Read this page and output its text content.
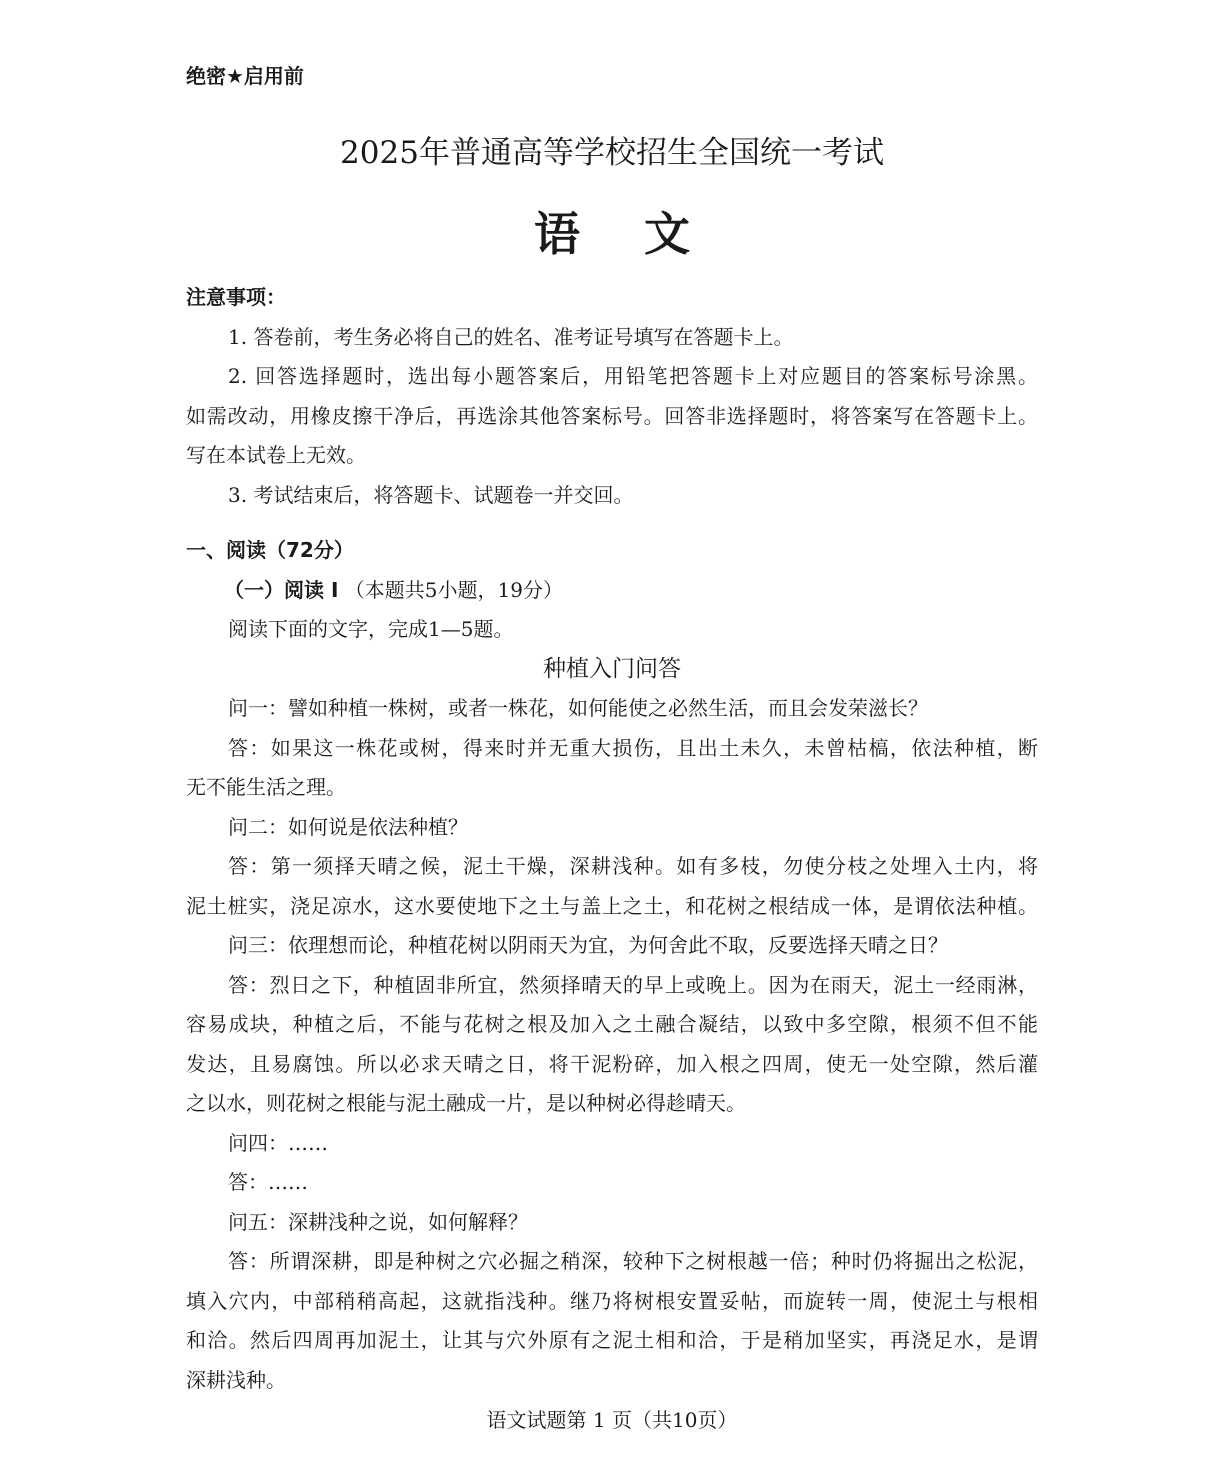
绝密★启用前
2025年普通高等学校招生全国统一考试
语文
注意事项：
1. 答卷前，考生务必将自己的姓名、准考证号填写在答题卡上。
2. 回答选择题时，选出每小题答案后，用铅笔把答题卡上对应题目的答案标号涂黑。
如需改动，用橡皮擦干净后，再选涂其他答案标号。回答非选择题时，将答案写在答题卡上。
写在本试卷上无效。
3. 考试结束后，将答题卡、试题卷一并交回。
一、阅读（72分）
（一）阅读 I （本题共5小题，19分）
阅读下面的文字，完成1—5题。
种植入门问答
问一：譬如种植一株树，或者一株花，如何能使之必然生活，而且会发荣滋长？
答：如果这一株花或树，得来时并无重大损伤，且出土未久，未曾枯槁，依法种植，断
无不能生活之理。
问二：如何说是依法种植？
答：第一须择天晴之候，泥土干燥，深耕浅种。如有多枝，勿使分枝之处埋入土内，将
泥土桩实，浇足凉水，这水要使地下之土与盖上之土，和花树之根结成一体，是谓依法种植。
问三：依理想而论，种植花树以阴雨天为宜，为何舍此不取，反要选择天晴之日？
答：烈日之下，种植固非所宜，然须择晴天的早上或晚上。因为在雨天，泥土一经雨淋，
容易成块，种植之后，不能与花树之根及加入之土融合凝结，以致中多空隙，根须不但不能
发达，且易腐蚀。所以必求天晴之日，将干泥粉碎，加入根之四周，使无一处空隙，然后灌
之以水，则花树之根能与泥土融成一片，是以种树必得趁晴天。
问四：……
答：……
问五：深耕浅种之说，如何解释？
答：所谓深耕，即是种树之穴必掘之稍深，较种下之树根越一倍；种时仍将掘出之松泥，
填入穴内，中部稍稍高起，这就指浅种。继乃将树根安置妥帖，而旋转一周，使泥土与根相
和洽。然后四周再加泥土，让其与穴外原有之泥土相和洽，于是稍加坚实，再浇足水，是谓
深耕浅种。
语文试题第 1 页（共10页）
